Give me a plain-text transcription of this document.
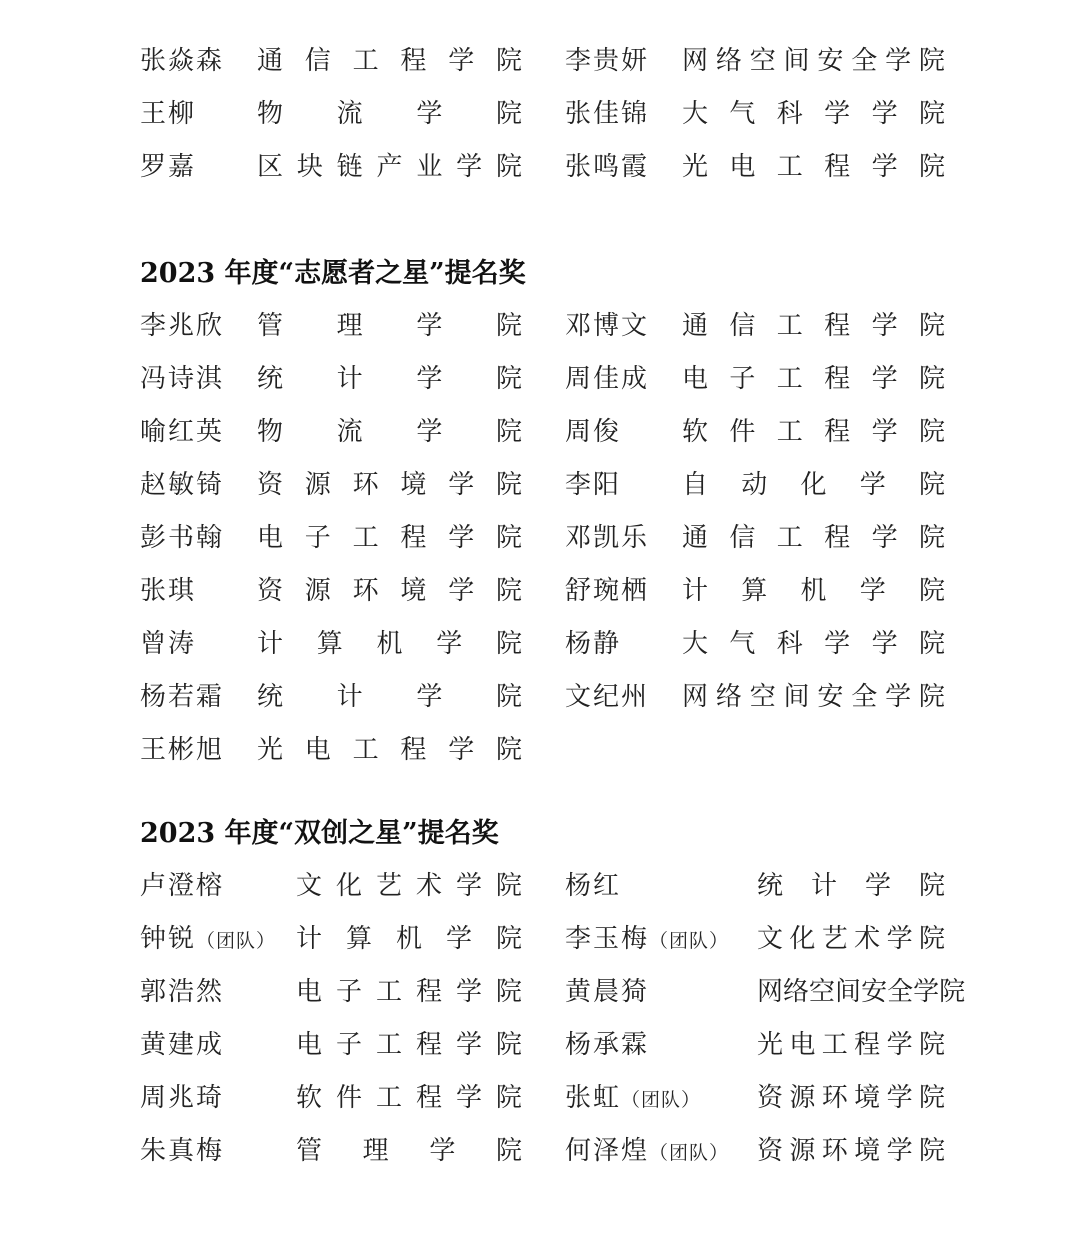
张焱森	通 信 工 程 学 院 李贵妍	网 络 空 间 安 全 学 院
王柳	物 流 学 院 张佳锦	大 气 科 学 学 院
罗嘉	区 块 链 产 业 学 院 张鸣霞	光 电 工 程 学 院
2023 年度“志愿者之星”提名奖
李兆欣	管 理 学 院 邓博文	通 信 工 程 学 院
冯诗淇	统 计 学 院 周佳成	电 子 工 程 学 院
喻红英	物 流 学 院 周俊	软 件 工 程 学 院
赵敏锜	资 源 环 境 学 院 李阳	自 动 化 学 院
彭书翰	电 子 工 程 学 院 邓凯乐	通 信 工 程 学 院
张琪	资 源 环 境 学 院 舒琬栖	计 算 机 学 院
曾涛	计 算 机 学 院 杨静	大 气 科 学 学 院
杨若霜	统 计 学 院 文纪州	网 络 空 间 安 全 学 院
王彬旭	光 电 工 程 学 院
2023 年度“双创之星”提名奖
卢澄榕	文 化 艺 术 学 院 杨红	统 计 学 院
钟锐（团队） 计 算 机 学 院 李玉梅（团队）	文 化 艺 术 学 院
郭浩然	电 子 工 程 学 院 黄晨猗	网 络 空 间 安 全 学 院
黄建成	电 子 工 程 学 院 杨承霖	光 电 工 程 学 院
周兆琦	软 件 工 程 学 院 张虹（团队）	资 源 环 境 学 院
朱真梅	管 理 学 院 何泽煌（团队）	资 源 环 境 学 院
